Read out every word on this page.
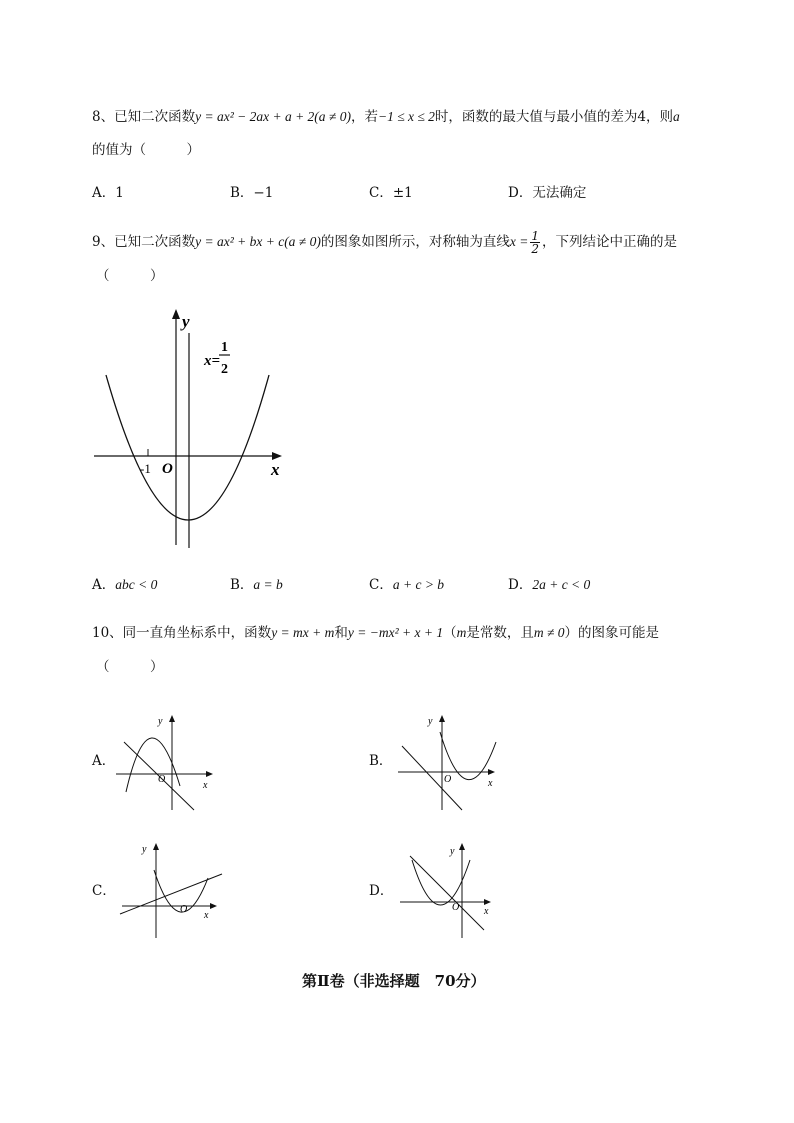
8、已知二次函数y = ax² − 2ax + a + 2(a ≠ 0)，若−1 ≤ x ≤ 2时，函数的最大值与最小值的差为4，则a
的值为（　　　）
A．1	B．−1	C．±1	D．无法确定
9、已知二次函数y = ax² + bx + c(a ≠ 0)的图象如图所示，对称轴为直线$x = \frac{1}{2}$ ，下列结论中正确的是
（　　　）
y
x
O
-1
x=
1
2
A．abc < 0	B．a = b	C．a + c > b	D．2a + c < 0
10、同一直角坐标系中，函数y = mx + m和y = −mx² + x + 1（m是常数，且m ≠ 0）的图象可能是
（　　　）
A．
y
x
O
B．
y
x
O
C．
y
x
O
D．
y
x
O
第Ⅱ卷（非选择题　70分）
